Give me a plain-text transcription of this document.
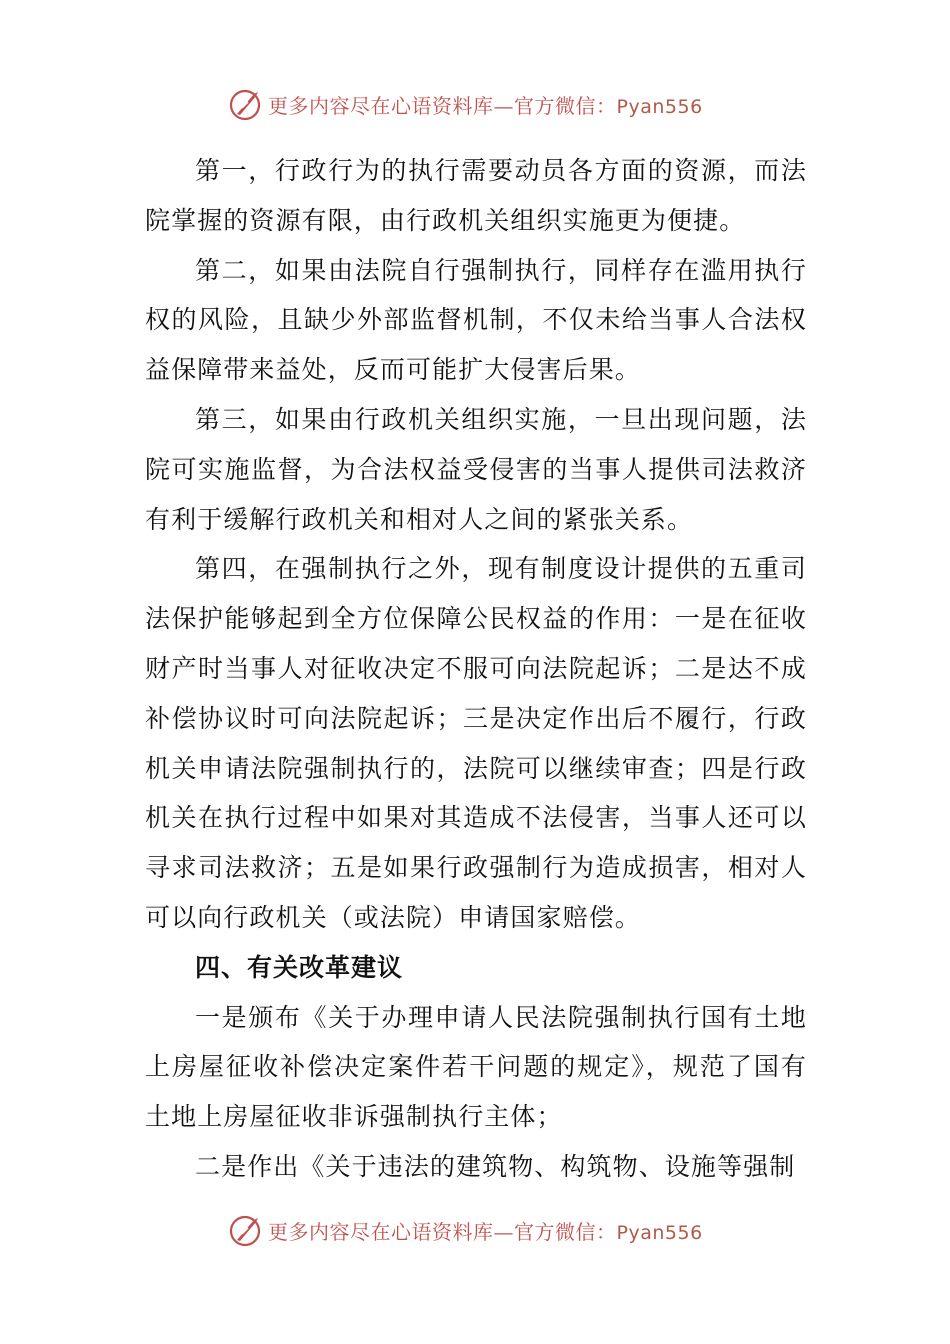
更多内容尽在心语资料库—官方微信：Pyan556

第一，行政行为的执行需要动员各方面的资源，而法院掌握的资源有限，由行政机关组织实施更为便捷。

第二，如果由法院自行强制执行，同样存在滥用执行权的风险，且缺少外部监督机制，不仅未给当事人合法权益保障带来益处，反而可能扩大侵害后果。

第三，如果由行政机关组织实施，一旦出现问题，法院可实施监督，为合法权益受侵害的当事人提供司法救济有利于缓解行政机关和相对人之间的紧张关系。

第四，在强制执行之外，现有制度设计提供的五重司法保护能够起到全方位保障公民权益的作用：一是在征收财产时当事人对征收决定不服可向法院起诉；二是达不成补偿协议时可向法院起诉；三是决定作出后不履行，行政机关申请法院强制执行的，法院可以继续审查；四是行政机关在执行过程中如果对其造成不法侵害，当事人还可以寻求司法救济；五是如果行政强制行为造成损害，相对人可以向行政机关（或法院）申请国家赔偿。

四、有关改革建议

一是颁布《关于办理申请人民法院强制执行国有土地上房屋征收补偿决定案件若干问题的规定》，规范了国有土地上房屋征收非诉强制执行主体；

二是作出《关于违法的建筑物、构筑物、设施等强制

更多内容尽在心语资料库—官方微信：Pyan556
